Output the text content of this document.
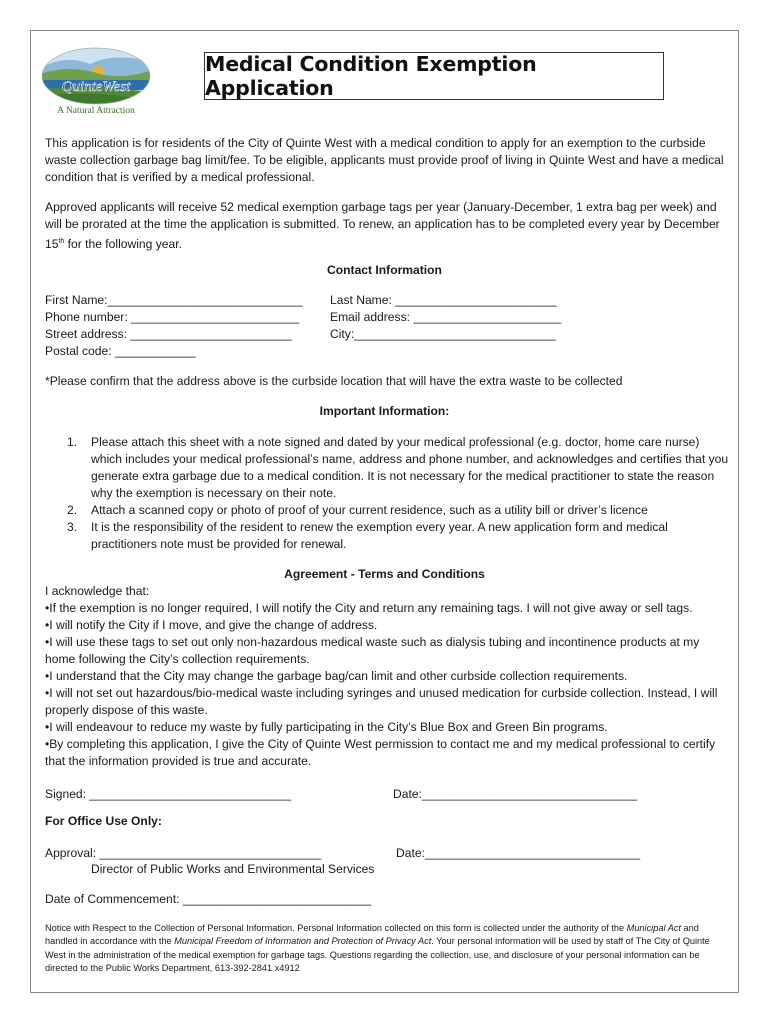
QuinteWest
A Natural Attraction
Medical Condition Exemption Application

This application is for residents of the City of Quinte West with a medical condition to apply for an exemption to the curbside waste collection garbage bag limit/fee. To be eligible, applicants must provide proof of living in Quinte West and have a medical condition that is verified by a medical professional.

Approved applicants will receive 52 medical exemption garbage tags per year (January-December, 1 extra bag per week) and will be prorated at the time the application is submitted. To renew, an application has to be completed every year by December 15th for the following year.

Contact Information
First Name:_____________________________ Last Name: ________________________
Phone number: _________________________	Email address: ______________________
Street address: ________________________	City:______________________________
Postal code: ____________
*Please confirm that the address above is the curbside location that will have the extra waste to be collected
Important Information:
1. Please attach this sheet with a note signed and dated by your medical professional (e.g. doctor, home care nurse) which includes your medical professional’s name, address and phone number, and acknowledges and certifies that you generate extra garbage due to a medical condition. It is not necessary for the medical practitioner to state the reason why the exemption is necessary on their note.
2. Attach a scanned copy or photo of proof of your current residence, such as a utility bill or driver’s licence
3. It is the responsibility of the resident to renew the exemption every year. A new application form and medical practitioners note must be provided for renewal.
Agreement - Terms and Conditions
I acknowledge that:
•If the exemption is no longer required, I will notify the City and return any remaining tags. I will not give away or sell tags.
•I will notify the City if I move, and give the change of address.
•I will use these tags to set out only non-hazardous medical waste such as dialysis tubing and incontinence products at my home following the City’s collection requirements.
•I understand that the City may change the garbage bag/can limit and other curbside collection requirements.
•I will not set out hazardous/bio-medical waste including syringes and unused medication for curbside collection. Instead, I will properly dispose of this waste.
•I will endeavour to reduce my waste by fully participating in the City’s Blue Box and Green Bin programs.
•By completing this application, I give the City of Quinte West permission to contact me and my medical professional to certify that the information provided is true and accurate.
Signed: ______________________________	Date:________________________________
For Office Use Only:
Approval: _________________________________	Date:________________________________
Director of Public Works and Environmental Services
Date of Commencement: ____________________________
Notice with Respect to the Collection of Personal Information. Personal Information collected on this form is collected under the authority of the Municipal Act and handled in accordance with the Municipal Freedom of Information and Protection of Privacy Act. Your personal information will be used by staff of The City of Quinte West in the administration of the medical exemption for garbage tags. Questions regarding the collection, use, and disclosure of your personal information can be directed to the Public Works Department, 613-392-2841 x4912
